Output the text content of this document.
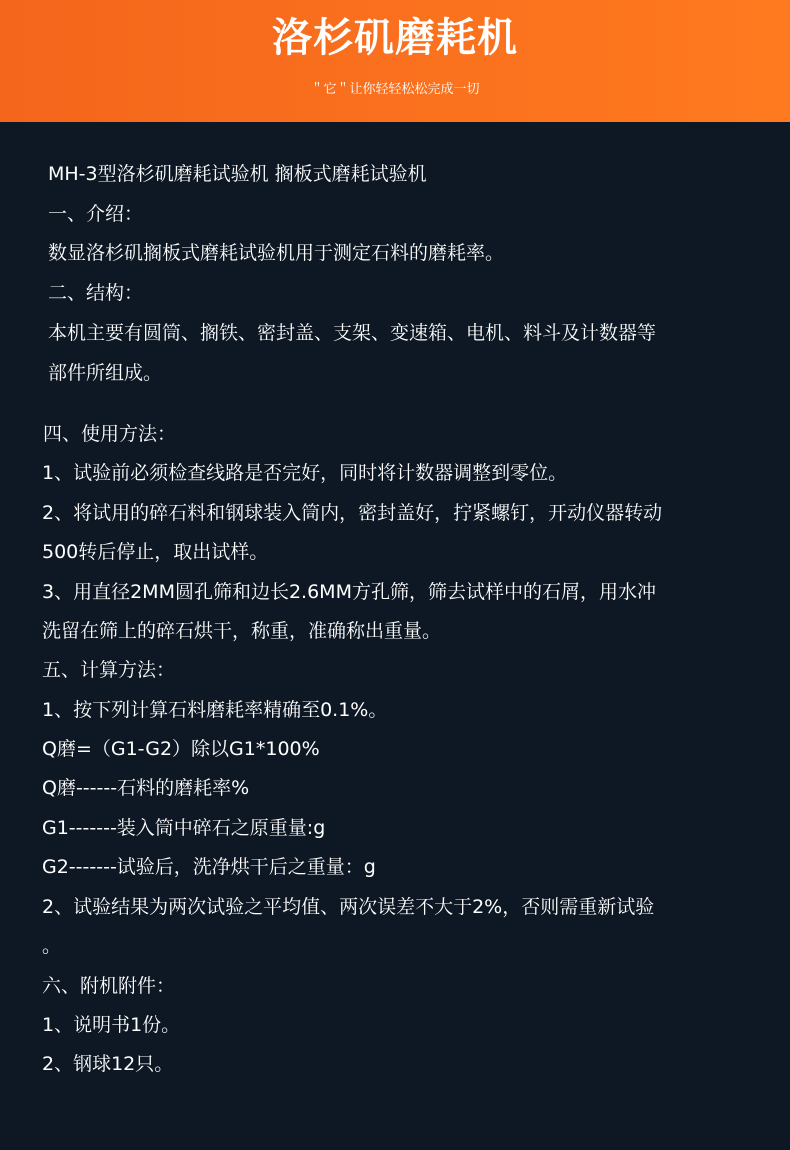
洛杉矶磨耗机
＂它＂让你轻轻松松完成一切
MH-3型洛杉矶磨耗试验机 搁板式磨耗试验机
一、介绍：
数显洛杉矶搁板式磨耗试验机用于测定石料的磨耗率。
二、结构：
本机主要有圆筒、搁铁、密封盖、支架、变速箱、电机、料斗及计数器等
部件所组成。
四、使用方法：
1、试验前必须检查线路是否完好，同时将计数器调整到零位。
2、将试用的碎石料和钢球装入筒内，密封盖好，拧紧螺钉，开动仪器转动
500转后停止，取出试样。
3、用直径2MM圆孔筛和边长2.6MM方孔筛，筛去试样中的石屑，用水冲
洗留在筛上的碎石烘干，称重，准确称出重量。
五、计算方法：
1、按下列计算石料磨耗率精确至0.1%。
Q磨=（G1-G2）除以G1*100%
Q磨------石料的磨耗率%
G1-------装入筒中碎石之原重量:g
G2-------试验后，洗净烘干后之重量：g
2、试验结果为两次试验之平均值、两次误差不大于2%，否则需重新试验
。
六、附机附件：
1、说明书1份。
2、钢球12只。
